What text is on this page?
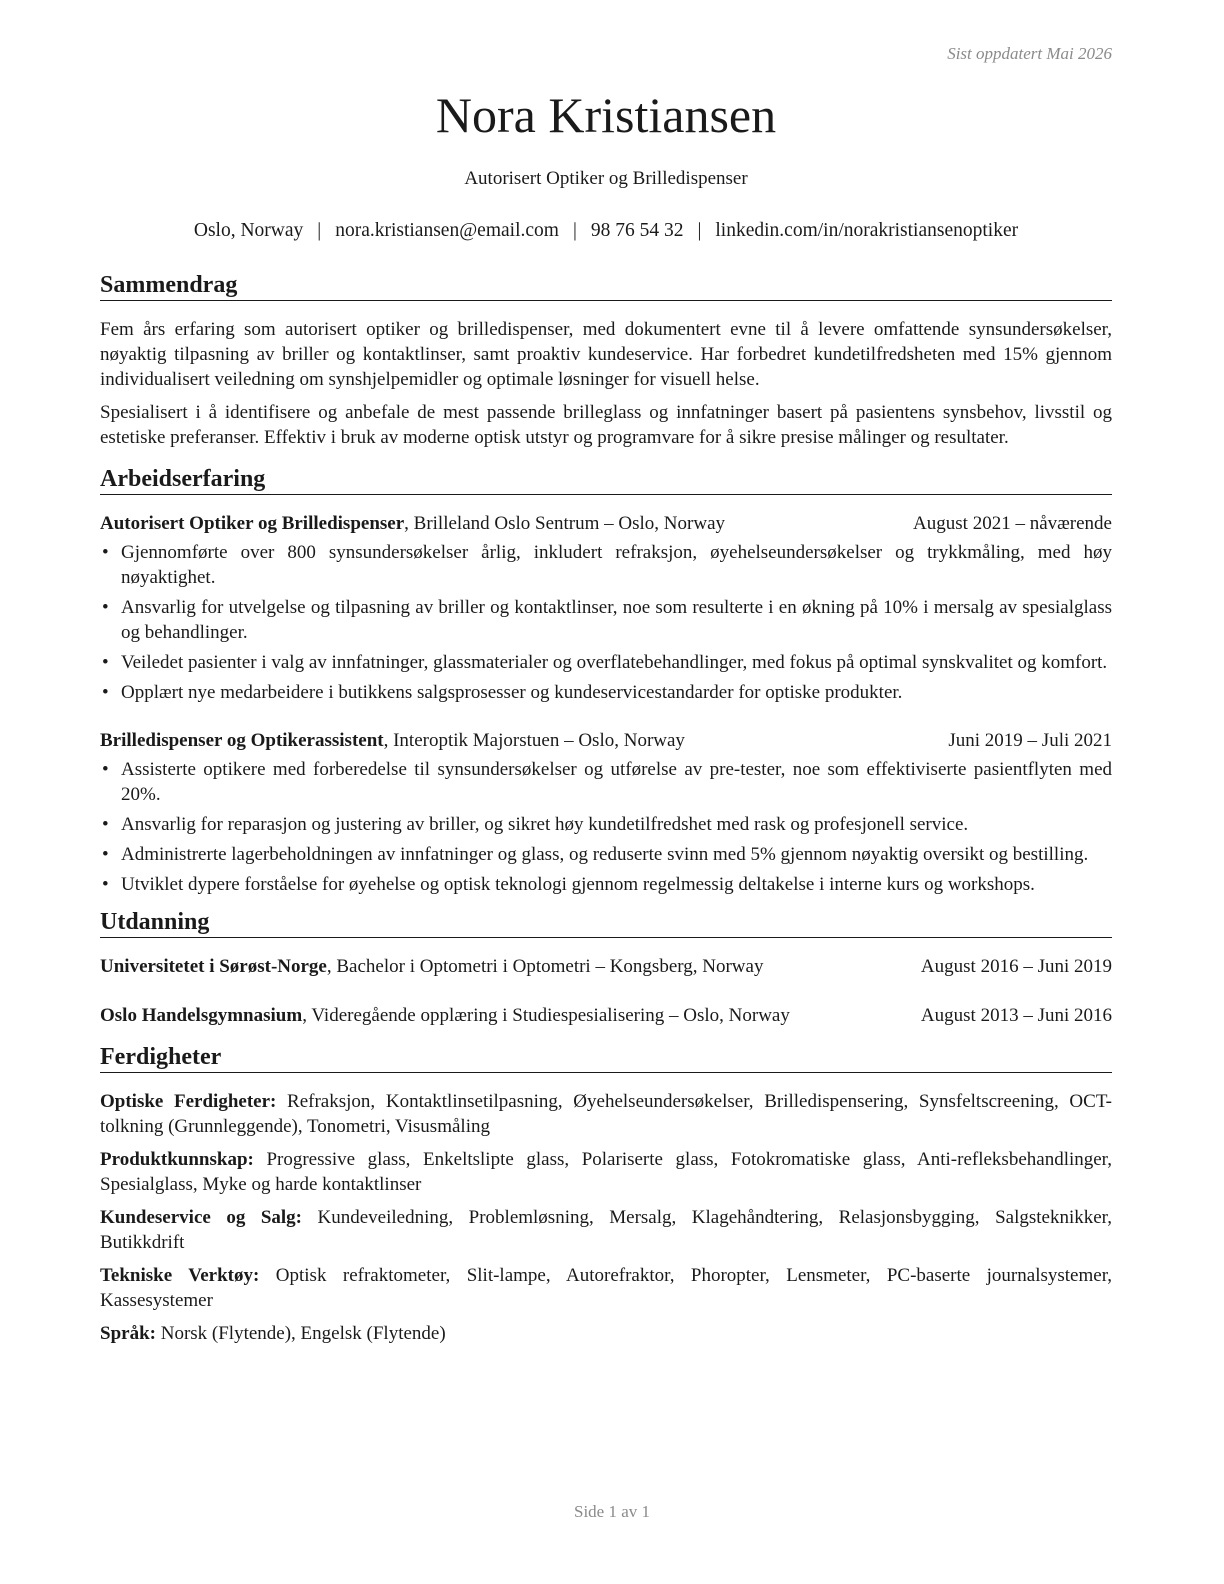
Sist oppdatert Mai 2026
Nora Kristiansen
Autorisert Optiker og Brilledispenser
Oslo, Norway | nora.kristiansen@email.com | 98 76 54 32 | linkedin.com/in/norakristiansenoptiker
Sammendrag

Fem års erfaring som autorisert optiker og brilledispenser, med dokumentert evne til å levere omfattende synsundersøkelser, nøyaktig tilpasning av briller og kontaktlinser, samt proaktiv kundeservice. Har forbedret kundetilfredsheten med 15% gjennom individualisert veiledning om synshjelpemidler og optimale løsninger for visuell helse.

Spesialisert i å identifisere og anbefale de mest passende brilleglass og innfatninger basert på pasientens synsbehov, livsstil og estetiske preferanser. Effektiv i bruk av moderne optisk utstyr og programvare for å sikre presise målinger og resultater.

Arbeidserfaring
Autorisert Optiker og Brilledispenser, Brilleland Oslo Sentrum – Oslo, Norway	August 2021 – nåværende
• Gjennomførte over 800 synsundersøkelser årlig, inkludert refraksjon, øyehelseundersøkelser og trykkmåling, med høy nøyaktighet.
• Ansvarlig for utvelgelse og tilpasning av briller og kontaktlinser, noe som resulterte i en økning på 10% i mersalg av spesialglass og behandlinger.
• Veiledet pasienter i valg av innfatninger, glassmaterialer og overflatebehandlinger, med fokus på optimal synskvalitet og komfort.
• Opplært nye medarbeidere i butikkens salgsprosesser og kundeservicestandarder for optiske produkter.
Brilledispenser og Optikerassistent, Interoptik Majorstuen – Oslo, Norway	Juni 2019 – Juli 2021
• Assisterte optikere med forberedelse til synsundersøkelser og utførelse av pre-tester, noe som effektiviserte pasientflyten med 20%.
• Ansvarlig for reparasjon og justering av briller, og sikret høy kundetilfredshet med rask og profesjonell service.
• Administrerte lagerbeholdningen av innfatninger og glass, og reduserte svinn med 5% gjennom nøyaktig oversikt og bestilling.
• Utviklet dypere forståelse for øyehelse og optisk teknologi gjennom regelmessig deltakelse i interne kurs og workshops.
Utdanning
Universitetet i Sørøst-Norge, Bachelor i Optometri i Optometri – Kongsberg, Norway	August 2016 – Juni 2019
Oslo Handelsgymnasium, Videregående opplæring i Studiespesialisering – Oslo, Norway	August 2013 – Juni 2016
Ferdigheter

Optiske Ferdigheter: Refraksjon, Kontaktlinsetilpasning, Øyehelseundersøkelser, Brilledispensering, Synsfeltscreening, OCT-tolkning (Grunnleggende), Tonometri, Visusmåling

Produktkunnskap: Progressive glass, Enkeltslipte glass, Polariserte glass, Fotokromatiske glass, Anti-refleksbehandlinger, Spesialglass, Myke og harde kontaktlinser

Kundeservice og Salg: Kundeveiledning, Problemløsning, Mersalg, Klagehåndtering, Relasjonsbygging, Salgsteknikker, Butikkdrift

Tekniske Verktøy: Optisk refraktometer, Slit-lampe, Autorefraktor, Phoropter, Lensmeter, PC-baserte journalsystemer, Kassesystemer

Språk: Norsk (Flytende), Engelsk (Flytende)

Side 1 av 1
